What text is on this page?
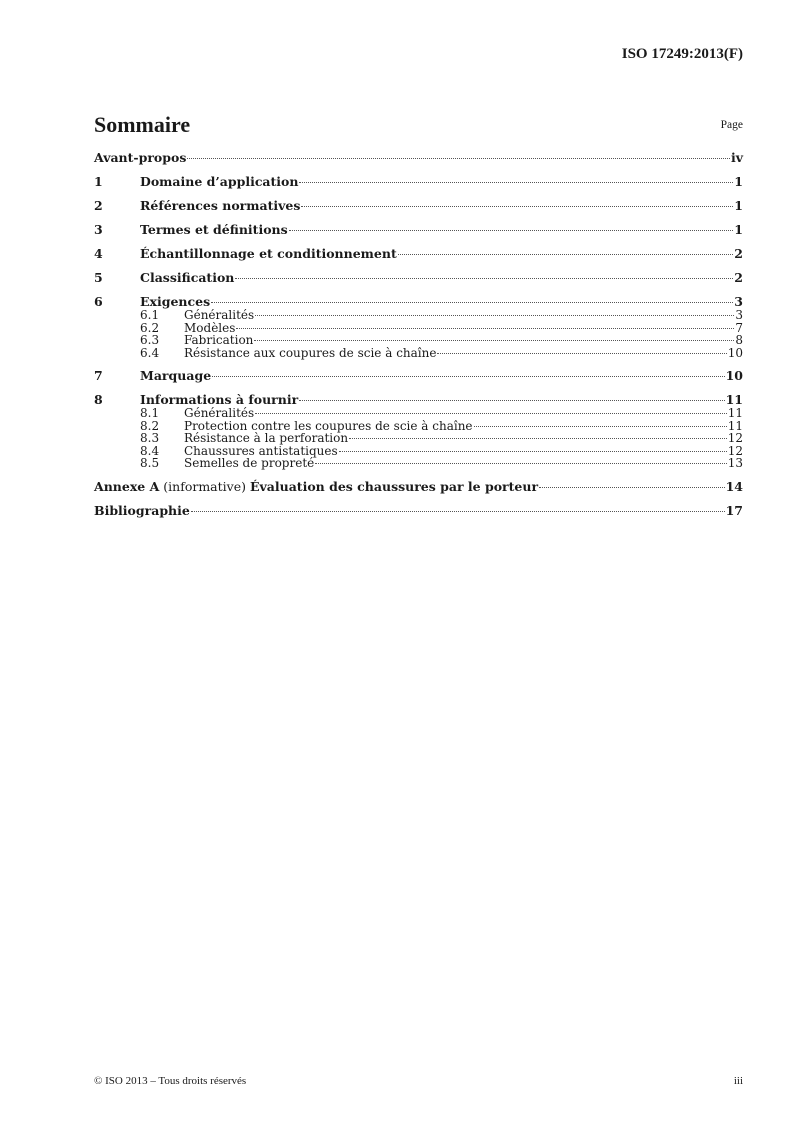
ISO 17249:2013(F)
Sommaire	Page
Avant-propos	iv
1	Domaine d’application	1
2	Références normatives	1
3	Termes et définitions	1
4	Échantillonnage et conditionnement	2
5	Classification	2
6	Exigences	3
6.1	Généralités	3
6.2	Modèles	7
6.3	Fabrication	8
6.4	Résistance aux coupures de scie à chaîne	10
7	Marquage	10
8	Informations à fournir	11
8.1	Généralités	11
8.2	Protection contre les coupures de scie à chaîne	11
8.3	Résistance à la perforation	12
8.4	Chaussures antistatiques	12
8.5	Semelles de propreté	13
Annexe A (informative) Évaluation des chaussures par le porteur	14
Bibliographie	17
© ISO 2013 – Tous droits réservés	iii
